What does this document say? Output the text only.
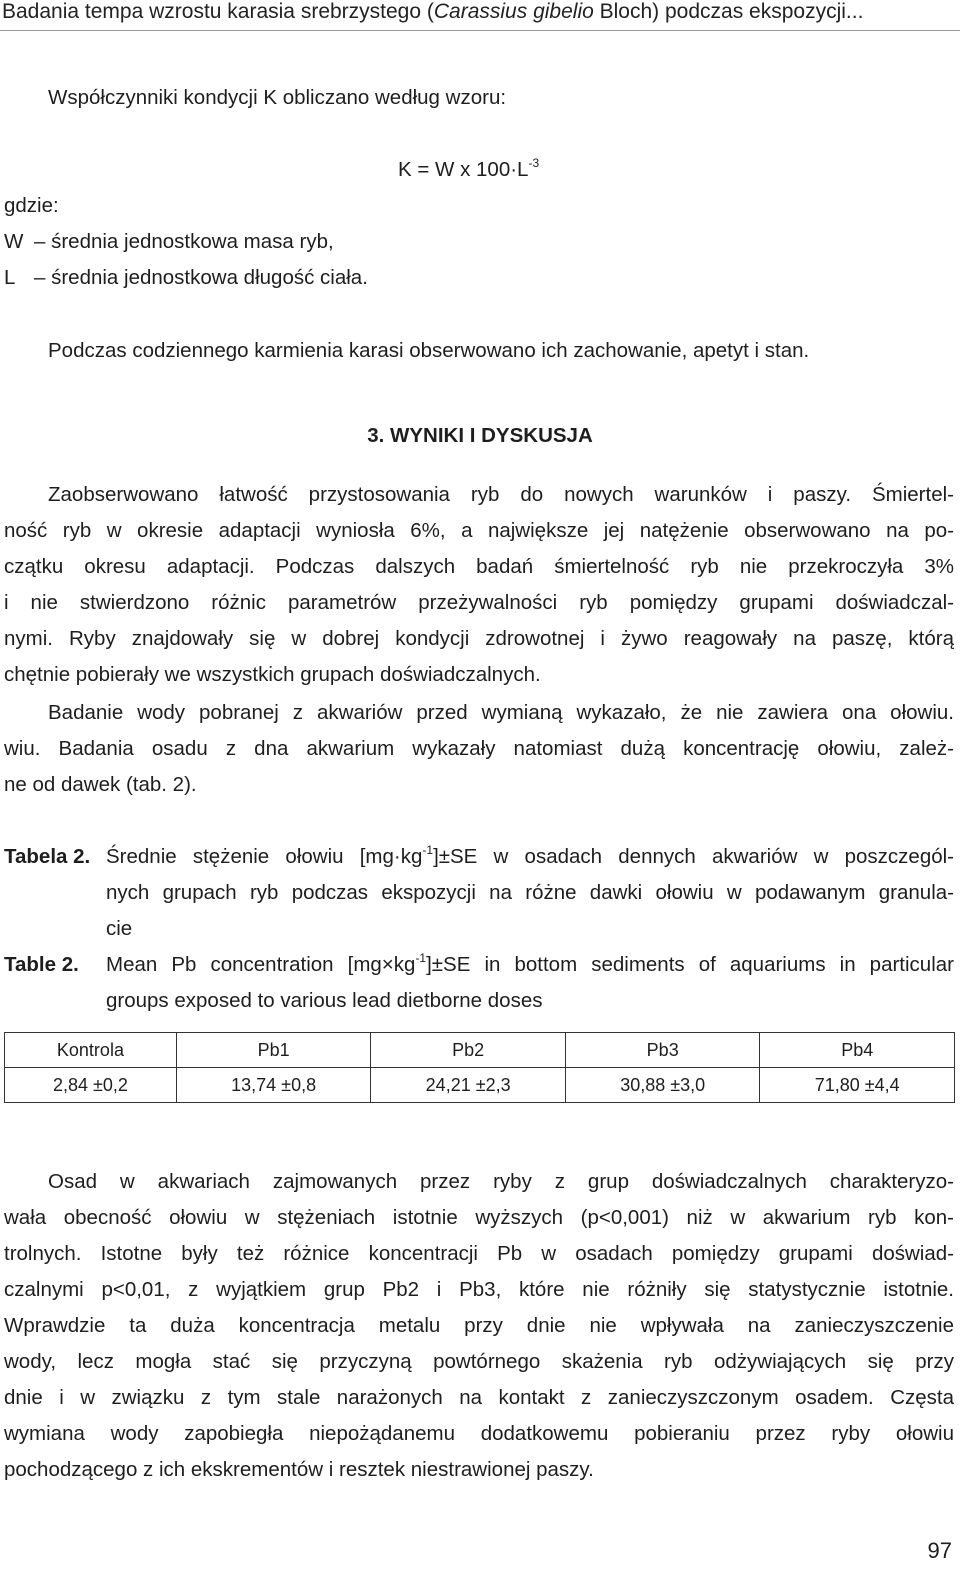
Badania tempa wzrostu karasia srebrzystego (Carassius gibelio Bloch) podczas ekspozycji...
Współczynniki kondycji K obliczano według wzoru:
K = W x $100\cdot L^{-3}$
gdzie:
W – średnia jednostkowa masa ryb,
L – średnia jednostkowa długość ciała.
Podczas codziennego karmienia karasi obserwowano ich zachowanie, apetyt i stan.
3. WYNIKI I DYSKUSJA
Zaobserwowano łatwość przystosowania ryb do nowych warunków i paszy. Śmiertel-
ność ryb w okresie adaptacji wyniosła 6%, a największe jej natężenie obserwowano na po-
czątku okresu adaptacji. Podczas dalszych badań śmiertelność ryb nie przekroczyła 3%
i nie stwierdzono różnic parametrów przeżywalności ryb pomiędzy grupami doświadczal-
nymi. Ryby znajdowały się w dobrej kondycji zdrowotnej i żywo reagowały na paszę, którą
chętnie pobierały we wszystkich grupach doświadczalnych.
Badanie wody pobranej z akwariów przed wymianą wykazało, że nie zawiera ona ołowiu.
wiu. Badania osadu z dna akwarium wykazały natomiast dużą koncentrację ołowiu, zależ-
ne od dawek (tab. 2).
Tabela 2. Średnie stężenie ołowiu $[mg\cdot kg^{-1}]\pm SE$ w osadach dennych akwariów w poszczegól-
nych grupach ryb podczas ekspozycji na różne dawki ołowiu w podawanym granula-
cie
Table 2. Mean Pb concentration $[mg\times kg^{-1}]\pm SE$ in bottom sediments of aquariums in particular
groups exposed to various lead dietborne doses
Kontrola	Pb1	Pb2	Pb3	Pb4
2,84 ±0,2	13,74 ±0,8	24,21 ±2,3	30,88 ±3,0	71,80 ±4,4
Osad w akwariach zajmowanych przez ryby z grup doświadczalnych charakteryzo-
wała obecność ołowiu w stężeniach istotnie wyższych (p<0,001) niż w akwarium ryb kon-
trolnych. Istotne były też różnice koncentracji Pb w osadach pomiędzy grupami doświad-
czalnymi p<0,01, z wyjątkiem grup Pb2 i Pb3, które nie różniły się statystycznie istotnie.
Wprawdzie ta duża koncentracja metalu przy dnie nie wpływała na zanieczyszczenie
wody, lecz mogła stać się przyczyną powtórnego skażenia ryb odżywiających się przy
dnie i w związku z tym stale narażonych na kontakt z zanieczyszczonym osadem. Częsta
wymiana wody zapobiegła niepożądanemu dodatkowemu pobieraniu przez ryby ołowiu
pochodzącego z ich ekskrementów i resztek niestrawionej paszy.
97
